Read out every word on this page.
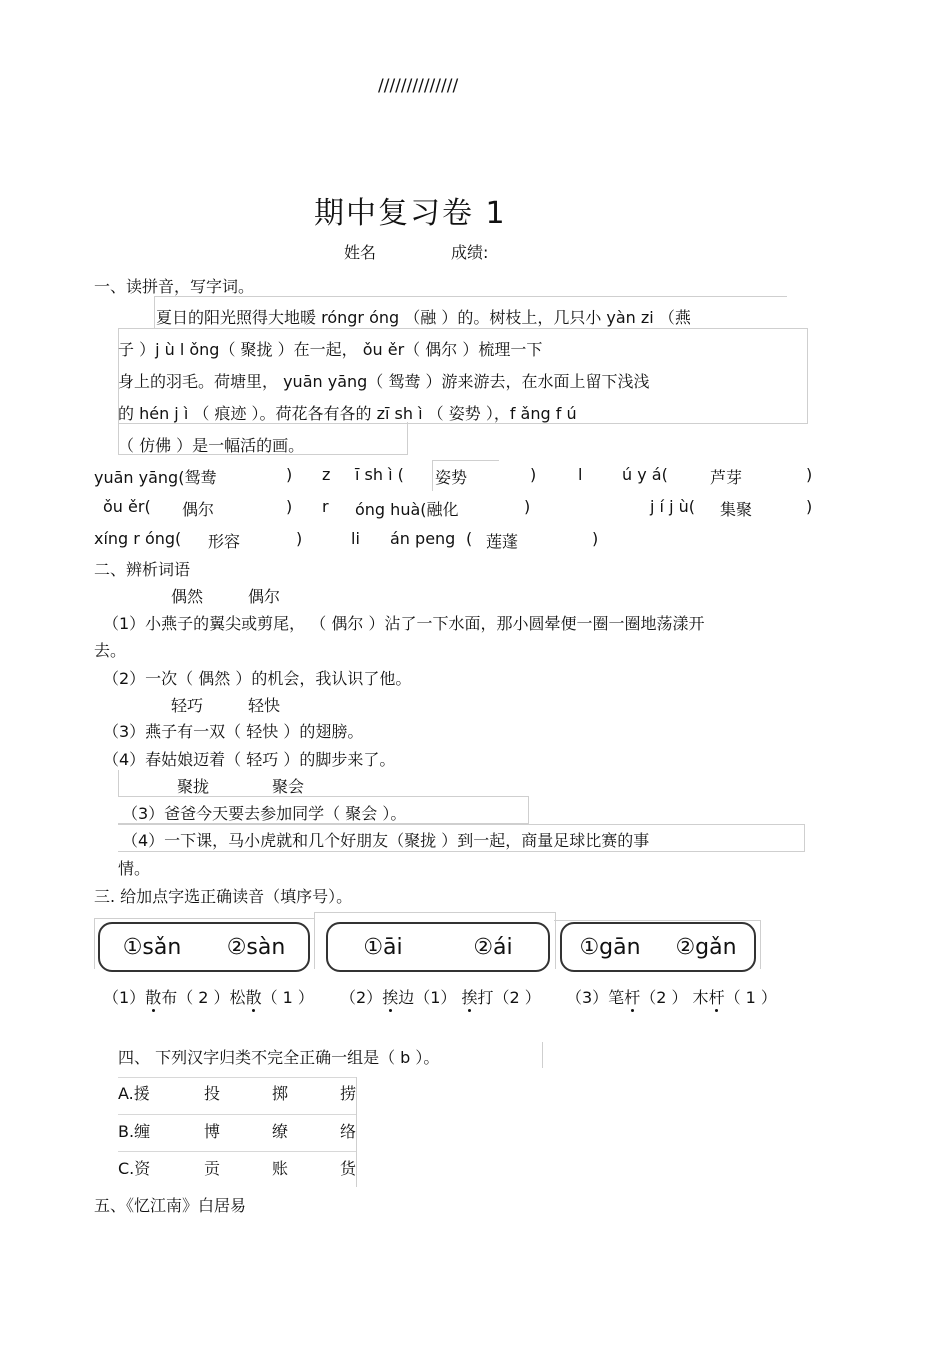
//////////////
期中复习卷 1
姓名	成绩:
一、读拼音，写字词。
夏日的阳光照得大地暖 róngr óng （融 ）的。树枝上，几只小 yàn zi （燕
子 ）j ù l ǒng（ 聚拢 ）在一起， ǒu ěr（ 偶尔 ）梳理一下
身上的羽毛。荷塘里， yuān yāng（ 鸳鸯 ）游来游去，在水面上留下浅浅
的 hén j ì （ 痕迹 ）。荷花各有各的 zī sh ì （ 姿势 ），f ǎng f ú
（ 仿佛 ）是一幅活的画。
yuān yāng(鸳鸯	) z ī sh ì ( 姿势	)	l ú y á(	芦芽	)
ǒu ěr( 偶尔	) r óng huà(融化	)	j í j ù( 集聚	)
xíng r óng( 形容	)	li án peng ( 莲蓬	)
二、辨析词语
偶然	偶尔
（1）小燕子的翼尖或剪尾， （ 偶尔 ）沾了一下水面，那小圆晕便一圈一圈地荡漾开
去。
（2）一次（ 偶然 ）的机会，我认识了他。
轻巧	轻快
（3）燕子有一双（ 轻快 ）的翅膀。
（4）春姑娘迈着（ 轻巧 ）的脚步来了。
聚拢	聚会
（3）爸爸今天要去参加同学（ 聚会 ）。
（4）一下课，马小虎就和几个好朋友（聚拢 ）到一起，商量足球比赛的事
情。
三. 给加点字选正确读音（填序号）。
①sǎn ②sàn	①āi	②ái	①gān ②gǎn
（1）散布（ 2 ）松散（ 1 ） （2）挨边（1） 挨打（2 ） （3）笔杆（2 ） 木杆（ 1 ）
四、 下列汉字归类不完全正确一组是（ b ）。
A.援	投	掷	捞
B.缠	博	缭	络
C.资	贡	账	货
五、《忆江南》白居易
